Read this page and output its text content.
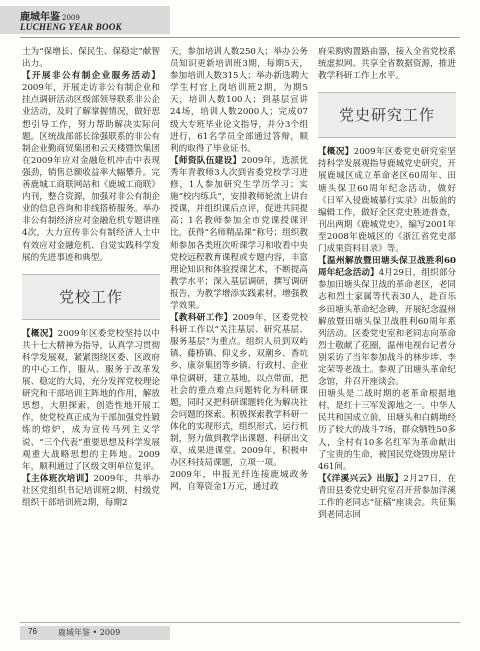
鹿城年鉴 2009
LUCHENG YEAR BOOK

士为“保增长、保民生、保稳定”献智出力。

【开展非公有制企业服务活动】2009年，开展走访非公有制企业和挂点调研活动区级部领导联系非公企业活动，及时了解掌握情况，做好思想引导工作，努力帮助解决实际问题。区统战部部长徐强联系的非公有制企业勤商贸集团和云天楼暨饮集团在2009年应对金融危机冲击中表现强劲，销售总额收益率大幅攀升。完善鹿城工商联网站和《鹿城工商联》内刊，整合资源，加强对非公有制企业的信息咨询和非线搭桥服务。举办非公有制经济应对金融危机专题讲座4次，大力宣传非公有制经济人士中有效应对金融危机、自觉实践科学发展的先进事迹和典型。

党校工作

【概况】2009年区委党校坚持以中共十七大精神为指导，认真学习贯彻科学发展观，紧紧围绕区委、区政府的中心工作，服从、服务于改革发展、稳定的大局，充分发挥党校理论研究和干部培训主阵地的作用，解放思想，大胆探索，创造性地开展工作，使党校真正成为干部加强党性锻炼的熔炉，成为宣传马列主义学说、“三个代表”重要思想及科学发展观重大战略思想的主阵地。2009年，顺利通过了区级文明单位复评。

【主体班次培训】2009年，共举办社区党组织书记培训班2期，村级党组织干部培训班2期，每期2

天，参加培训人数250人；举办公务员知识更新培训班3期，每期5天，参加培训人数315人；举办新选聘大学生村官上岗培训班2期，为期5天，培训人数100人；到基层宣讲24场，培训人数2000人；完成07级大专班毕业论文指导，并分3个组进行，61名学员全部通过答辩，顺利的取得了毕业证书。

【师资队伍建设】2009年，选派优秀年青教师3人次到省委党校学习进修，1人参加研究生学历学习；实施“校内练兵”，安排教师轮流上讲台授课，并组织课后点评，促进共同提高；1名教师参加全市党课授课评比，获得“名师精品课”称号；组织教师参加各类班次听课学习和收看中央党校远程教育课程或专题内容，丰富理论知识和体验授课艺术，不断提高教学水平；深入基层调研，撰写调研报告，为教学增添实践素材，增强教学效果。

【教科研工作】2009年，区委党校科研工作以“关注基层、研究基层、服务基层”为重点。组织人员到双屿镇、藤桥镇、仰义乡、双潮乡、香坑乡、康奈集团等乡镇、行政村、企业单位调研，建立基地，以点带面，把社会的重点难点问题转化为科研课题，同时又把科研课题转化为解决社会问题的探索。积极探索教学科研一体化的实现形式，组织形式、运行机制，努力做到教学出课题、科研出文章，成果进课堂。2009年，积极申办区科技局课题，立项一项。

2009年，申报光纤连接鹿城政务网，自筹资金1万元，通过政

府采购购置路由器，接入全省党校系统虚拟网。共享全省数据资源，推进教学科研工作上水平。

党史研究工作

【概况】2009年区委党史研究室坚持科学发展观指导鹿城党史研究，开展鹿城区成立革命老区60周年、田塘头保卫60周年纪念活动，做好《日军入侵鹿城暴行实录》出版前的编辑工作，做好全区党史胜迹普查，刊出两期《鹿城党史》，编写2001年至2008年鹿城区的《浙江省党史部门成果资料目录》等。

【温州解放暨田塘头保卫战胜利60周年纪念活动】4月29日，组织部分参加田塘头保卫战的革命老区，老同志和烈士家属等代表30人，赴百乐乡田塘头革命纪念碑，开展纪念温州解放暨田塘头保卫战胜利60周年系列活动。区委党史室和老同志向革命烈士敬献了花圈，温州电视台记者分别采访了当年参加战斗的林步埗、李定荣等老战士。参观了田塘头革命纪念馆，并召开座谈会。

田塘头是二战时期的老革命根据地村，是红十三军发源地之一。中华人民共和国成立前，田塘头和白鹤坳经历了较大的战斗7场，群众牺牲50多人，全村有10多名红军为革命献出了宝贵的生命，被国民党烧毁房屋计461间。

【《洋溪兴云》出版】2月27日，在青田县委党史研究室召开营参加洋溪工作的老同志“征稿”座谈会。共征集到老同志回

76	鹿城年鉴 • 2009
